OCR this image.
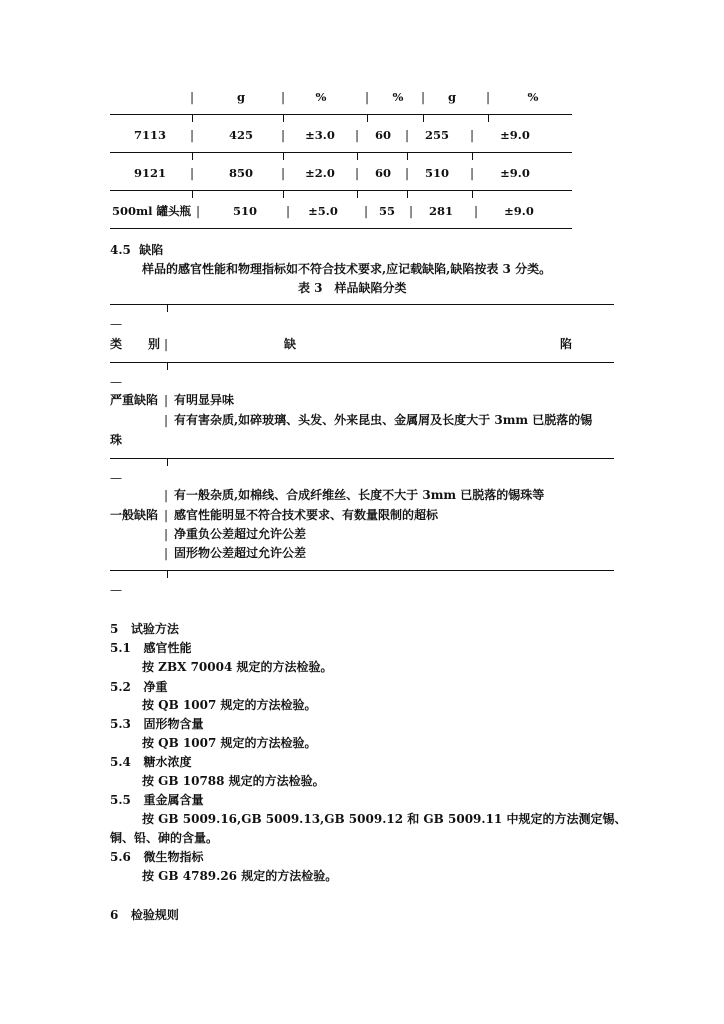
|	g	|	%	|	%	|	g	|	%
7113	|	425	|	±3.0	|	60	|	255	|	±9.0
9121	|	850	|	±2.0	|	60	|	510	|	±9.0
500ml 罐头瓶 |	510	|	±5.0	| 55	|	281	|	±9.0
4.5 缺陷
样品的感官性能和物理指标如不符合技术要求,应记载缺陷,缺陷按表 3 分类。
表 3　样品缺陷分类
—
类 别 |	缺	陷
—
严重缺陷 | 有明显异味
| 有有害杂质,如碎玻璃、头发、外来昆虫、金属屑及长度大于 3mm 已脱落的锡
珠
—
| 有一般杂质,如棉线、合成纤维丝、长度不大于 3mm 已脱落的锡珠等
一般缺陷 | 感官性能明显不符合技术要求、有数量限制的超标
| 净重负公差超过允许公差
| 固形物公差超过允许公差
—
5 试验方法
5.1 感官性能
按 ZBX 70004 规定的方法检验。
5.2 净重
按 QB 1007 规定的方法检验。
5.3 固形物含量
按 QB 1007 规定的方法检验。
5.4 糖水浓度
按 GB 10788 规定的方法检验。
5.5 重金属含量
按 GB 5009.16,GB 5009.13,GB 5009.12 和 GB 5009.11 中规定的方法测定锡、
铜、铅、砷的含量。
5.6 微生物指标
按 GB 4789.26 规定的方法检验。
6 检验规则
